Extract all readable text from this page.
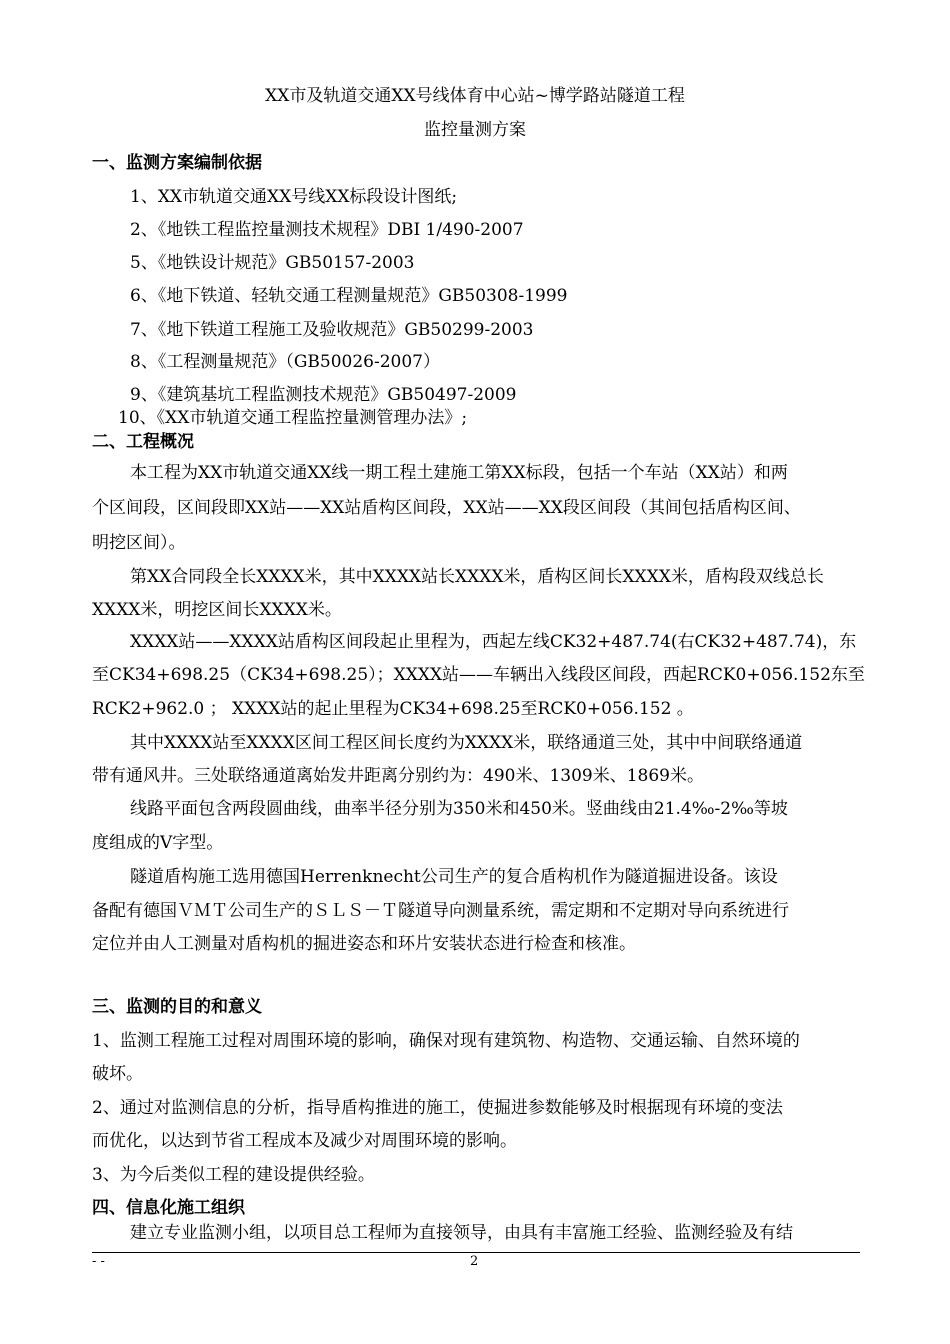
XX市及轨道交通XX号线体育中心站~博学路站隧道工程
监控量测方案
一、监测方案编制依据
1、XX市轨道交通XX号线XX标段设计图纸;
2、《地铁工程监控量测技术规程》DBI 1/490-2007
5、《地铁设计规范》GB50157-2003
6、《地下铁道、轻轨交通工程测量规范》GB50308-1999
7、《地下铁道工程施工及验收规范》GB50299-2003
8、《工程测量规范》（GB50026-2007）
9、《建筑基坑工程监测技术规范》GB50497-2009
10、《XX市轨道交通工程监控量测管理办法》;
二、工程概况
本工程为XX市轨道交通XX线一期工程土建施工第XX标段，包括一个车站（XX站）和两
个区间段，区间段即XX站——XX站盾构区间段，XX站——XX段区间段（其间包括盾构区间、
明挖区间）。
第XX合同段全长XXXX米，其中XXXX站长XXXX米，盾构区间长XXXX米，盾构段双线总长
XXXX米，明挖区间长XXXX米。
XXXX站——XXXX站盾构区间段起止里程为，西起左线CK32+487.74(右CK32+487.74)，东
至CK34+698.25（CK34+698.25）；XXXX站——车辆出入线段区间段，西起RCK0+056.152东至
RCK2+962.0 ； XXXX站的起止里程为CK34+698.25至RCK0+056.152 。
其中XXXX站至XXXX区间工程区间长度约为XXXX米，联络通道三处，其中中间联络通道
带有通风井。三处联络通道离始发井距离分别约为：490米、1309米、1869米。
线路平面包含两段圆曲线，曲率半径分别为350米和450米。竖曲线由21.4‰-2‰等坡
度组成的V字型。
隧道盾构施工选用德国Herrenknecht公司生产的复合盾构机作为隧道掘进设备。该设
备配有德国ＶＭＴ公司生产的ＳＬＳ－Ｔ隧道导向测量系统，需定期和不定期对导向系统进行
定位并由人工测量对盾构机的掘进姿态和环片安装状态进行检查和核准。
三、监测的目的和意义
1、监测工程施工过程对周围环境的影响，确保对现有建筑物、构造物、交通运输、自然环境的
破坏。
2、通过对监测信息的分析，指导盾构推进的施工，使掘进参数能够及时根据现有环境的变法
而优化，以达到节省工程成本及减少对周围环境的影响。
3、为今后类似工程的建设提供经验。
四、信息化施工组织
建立专业监测小组，以项目总工程师为直接领导，由具有丰富施工经验、监测经验及有结
- -	2
